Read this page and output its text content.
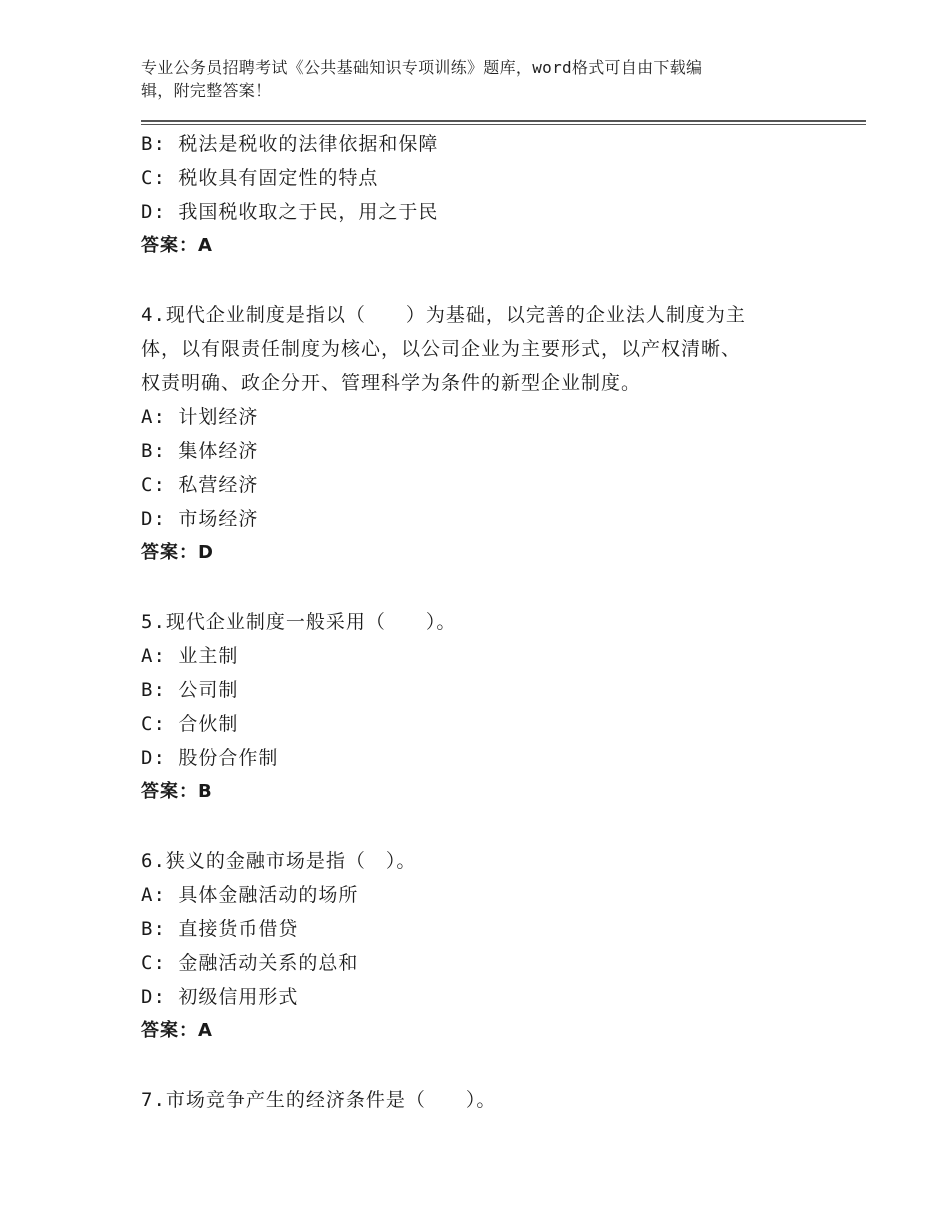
专业公务员招聘考试《公共基础知识专项训练》题库，word格式可自由下载编
辑，附完整答案！
B: 税法是税收的法律依据和保障
C: 税收具有固定性的特点
D: 我国税收取之于民，用之于民
答案：A
4.现代企业制度是指以（　　）为基础，以完善的企业法人制度为主
体，以有限责任制度为核心，以公司企业为主要形式，以产权清晰、
权责明确、政企分开、管理科学为条件的新型企业制度。
A: 计划经济
B: 集体经济
C: 私营经济
D: 市场经济
答案：D
5.现代企业制度一般采用（　　）。
A: 业主制
B: 公司制
C: 合伙制
D: 股份合作制
答案：B
6.狭义的金融市场是指（　）。
A: 具体金融活动的场所
B: 直接货币借贷
C: 金融活动关系的总和
D: 初级信用形式
答案：A
7.市场竞争产生的经济条件是（　　）。
